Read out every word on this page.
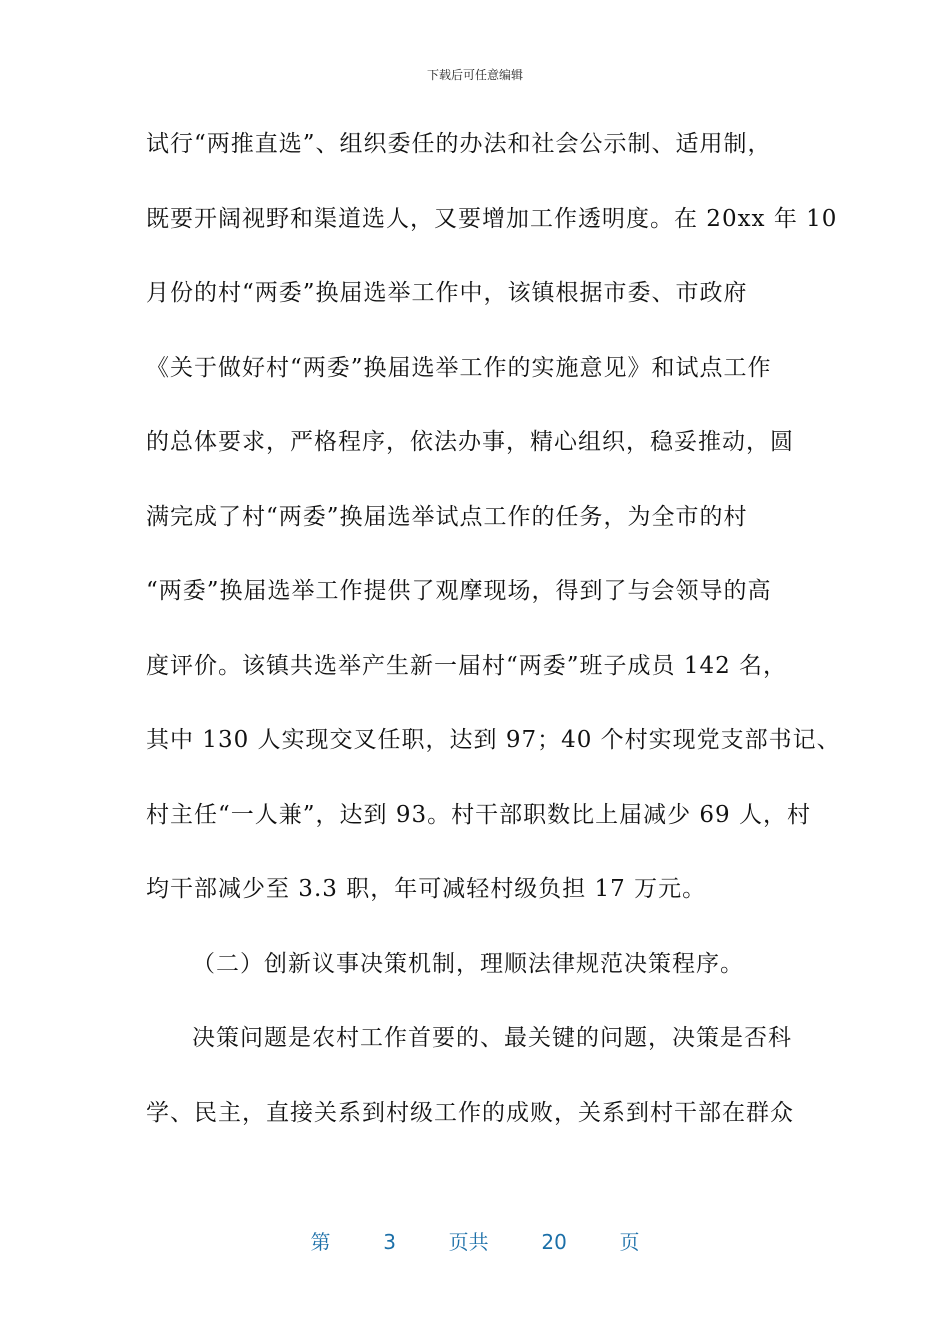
下载后可任意编辑
试行“两推直选”、组织委任的办法和社会公示制、适用制，
既要开阔视野和渠道选人，又要增加工作透明度。在 20xx 年 10
月份的村“两委”换届选举工作中，该镇根据市委、市政府
《关于做好村“两委”换届选举工作的实施意见》和试点工作
的总体要求，严格程序，依法办事，精心组织，稳妥推动，圆
满完成了村“两委”换届选举试点工作的任务，为全市的村
“两委”换届选举工作提供了观摩现场，得到了与会领导的高
度评价。该镇共选举产生新一届村“两委”班子成员 142 名，
其中 130 人实现交叉任职，达到 97；40 个村实现党支部书记、
村主任“一人兼”，达到 93。村干部职数比上届减少 69 人，村
均干部减少至 3.3 职，年可减轻村级负担 17 万元。
（二）创新议事决策机制，理顺法律规范决策程序。
决策问题是农村工作首要的、最关键的问题，决策是否科
学、民主，直接关系到村级工作的成败，关系到村干部在群众
第	3	页共	20	页
